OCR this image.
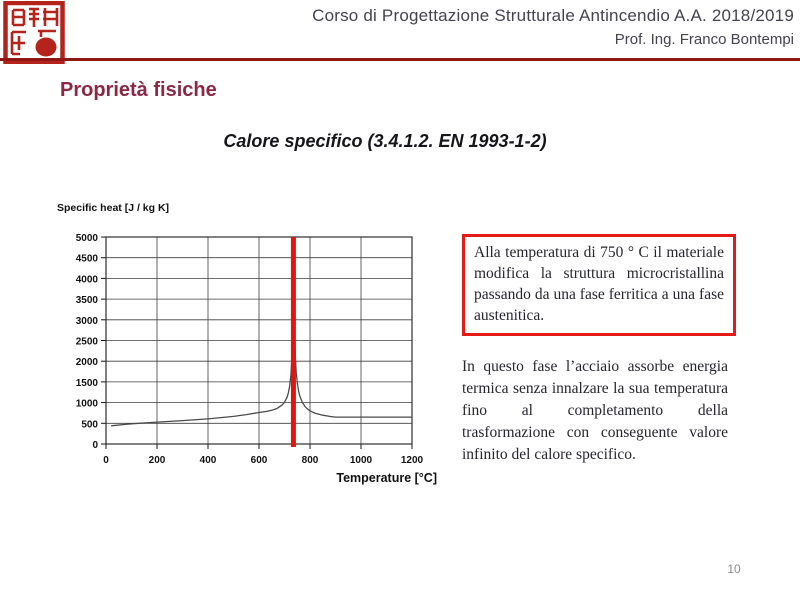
Corso di Progettazione Strutturale Antincendio A.A. 2018/2019
Prof. Ing. Franco Bontempi
Proprietà fisiche
Calore specifico (3.4.1.2. EN 1993-1-2)
Specific heat [J / kg K]
0	200	400	600	800	1000	1200
0
500
1000
1500
2000
2500
3000
3500
4000
4500
5000
Temperature [°C]
Alla temperatura di 750 ° C il materiale modifica la struttura microcristallina passando da una fase ferritica a una fase austenitica.
In questo fase l’acciaio assorbe energia termica senza innalzare la sua temperatura fino al completamento della trasformazione con conseguente valore infinito del calore specifico.
10
